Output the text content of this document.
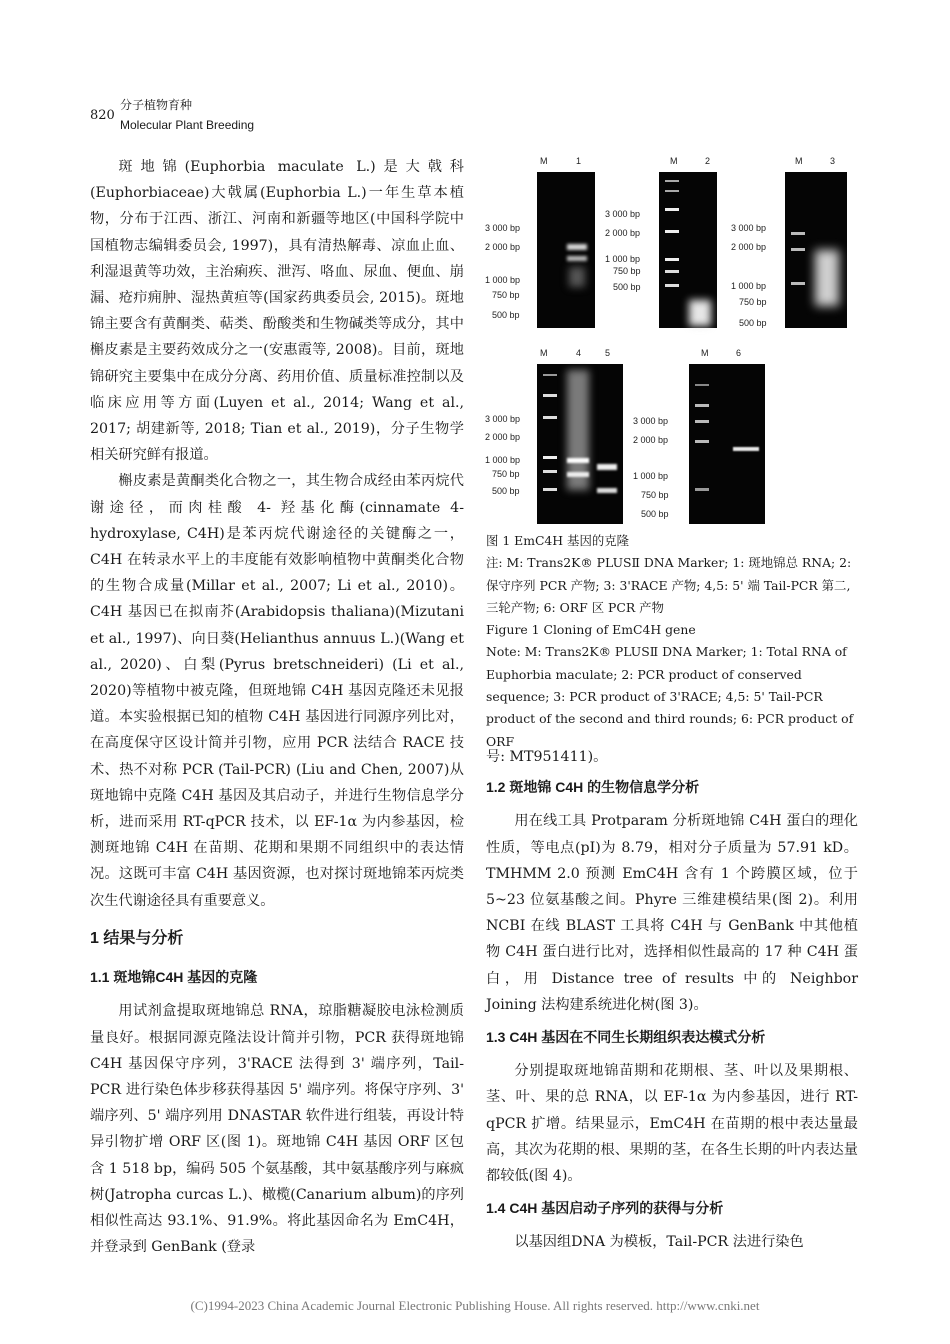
820
分子植物育种
Molecular Plant Breeding

斑地锦(Euphorbia maculate L.)是大戟科(Euphorbiaceae)大戟属(Euphorbia L.)一年生草本植物，分布于江西、浙江、河南和新疆等地区(中国科学院中国植物志编辑委员会, 1997)，具有清热解毒、凉血止血、利湿退黄等功效，主治痢疾、泄泻、咯血、尿血、便血、崩漏、疮疖痈肿、湿热黄疸等(国家药典委员会, 2015)。斑地锦主要含有黄酮类、萜类、酚酸类和生物碱类等成分，其中槲皮素是主要药效成分之一(安惠霞等, 2008)。目前，斑地锦研究主要集中在成分分离、药用价值、质量标准控制以及临床应用等方面(Luyen et al., 2014; Wang et al., 2017; 胡建新等, 2018; Tian et al., 2019)，分子生物学相关研究鲜有报道。

槲皮素是黄酮类化合物之一，其生物合成经由苯丙烷代谢途径，而肉桂酸 4- 羟基化酶(cinnamate 4- hydroxylase, C4H)是苯丙烷代谢途径的关键酶之一，C4H 在转录水平上的丰度能有效影响植物中黄酮类化合物的生物合成量(Millar et al., 2007; Li et al., 2010)。C4H 基因已在拟南芥(Arabidopsis thaliana)(Mizutani et al., 1997)、向日葵(Helianthus annuus L.)(Wang et al., 2020)、白梨(Pyrus bretschneideri) (Li et al., 2020)等植物中被克隆，但斑地锦 C4H 基因克隆还未见报道。本实验根据已知的植物 C4H 基因进行同源序列比对，在高度保守区设计简并引物，应用 PCR 法结合 RACE 技术、热不对称 PCR (Tail-PCR) (Liu and Chen, 2007)从斑地锦中克隆 C4H 基因及其启动子，并进行生物信息学分析，进而采用 RT-qPCR 技术，以 EF-1α 为内参基因，检测斑地锦 C4H 在苗期、花期和果期不同组织中的表达情况。这既可丰富 C4H 基因资源，也对探讨斑地锦苯丙烷类次生代谢途径具有重要意义。

1 结果与分析
1.1 斑地锦C4H 基因的克隆

用试剂盒提取斑地锦总 RNA，琼脂糖凝胶电泳检测质量良好。根据同源克隆法设计简并引物，PCR 获得斑地锦 C4H 基因保守序列，3'RACE 法得到 3' 端序列，Tail-PCR 进行染色体步移获得基因 5' 端序列。将保守序列、3' 端序列、5' 端序列用 DNASTAR 软件进行组装，再设计特异引物扩增 ORF 区(图 1)。斑地锦 C4H 基因 ORF 区包含 1 518 bp，编码 505 个氨基酸，其中氨基酸序列与麻疯树(Jatropha curcas L.)、橄榄(Canarium album)的序列相似性高达 93.1%、91.9%。将此基因命名为 EmC4H，并登录到 GenBank (登录

M	1
3 000 bp
2 000 bp
1 000 bp
750 bp
500 bp
M	2
3 000 bp
2 000 bp
1 000 bp
750 bp
500 bp
M	3
3 000 bp
2 000 bp
1 000 bp
750 bp
500 bp
M	4	5
3 000 bp
2 000 bp
1 000 bp
750 bp
500 bp
M	6
3 000 bp
2 000 bp
1 000 bp
750 bp
500 bp
图 1 EmC4H 基因的克隆
注: M: Trans2K® PLUSⅡ DNA Marker; 1: 斑地锦总 RNA; 2: 保守序列 PCR 产物; 3: 3'RACE 产物; 4,5: 5' 端 Tail-PCR 第二, 三轮产物; 6: ORF 区 PCR 产物
Figure 1 Cloning of EmC4H gene
Note: M: Trans2K® PLUSⅡ DNA Marker; 1: Total RNA of Euphorbia maculate; 2: PCR product of conserved sequence; 3: PCR product of 3'RACE; 4,5: 5' Tail-PCR product of the second and third rounds; 6: PCR product of ORF

号: MT951411)。

1.2 斑地锦 C4H 的生物信息学分析

用在线工具 Protparam 分析斑地锦 C4H 蛋白的理化性质，等电点(pI)为 8.79，相对分子质量为 57.91 kD。TMHMM 2.0 预测 EmC4H 含有 1 个跨膜区域，位于 5~23 位氨基酸之间。Phyre 三维建模结果(图 2)。利用 NCBI 在线 BLAST 工具将 C4H 与 GenBank 中其他植物 C4H 蛋白进行比对，选择相似性最高的 17 种 C4H 蛋白，用 Distance tree of results 中的 Neighbor Joining 法构建系统进化树(图 3)。

1.3 C4H 基因在不同生长期组织表达模式分析

分别提取斑地锦苗期和花期根、茎、叶以及果期根、茎、叶、果的总 RNA，以 EF-1α 为内参基因，进行 RT-qPCR 扩增。结果显示，EmC4H 在苗期的根中表达量最高，其次为花期的根、果期的茎，在各生长期的叶内表达量都较低(图 4)。

1.4 C4H 基因启动子序列的获得与分析

以基因组DNA 为模板，Tail-PCR 法进行染色

(C)1994-2023 China Academic Journal Electronic Publishing House. All rights reserved. http://www.cnki.net
